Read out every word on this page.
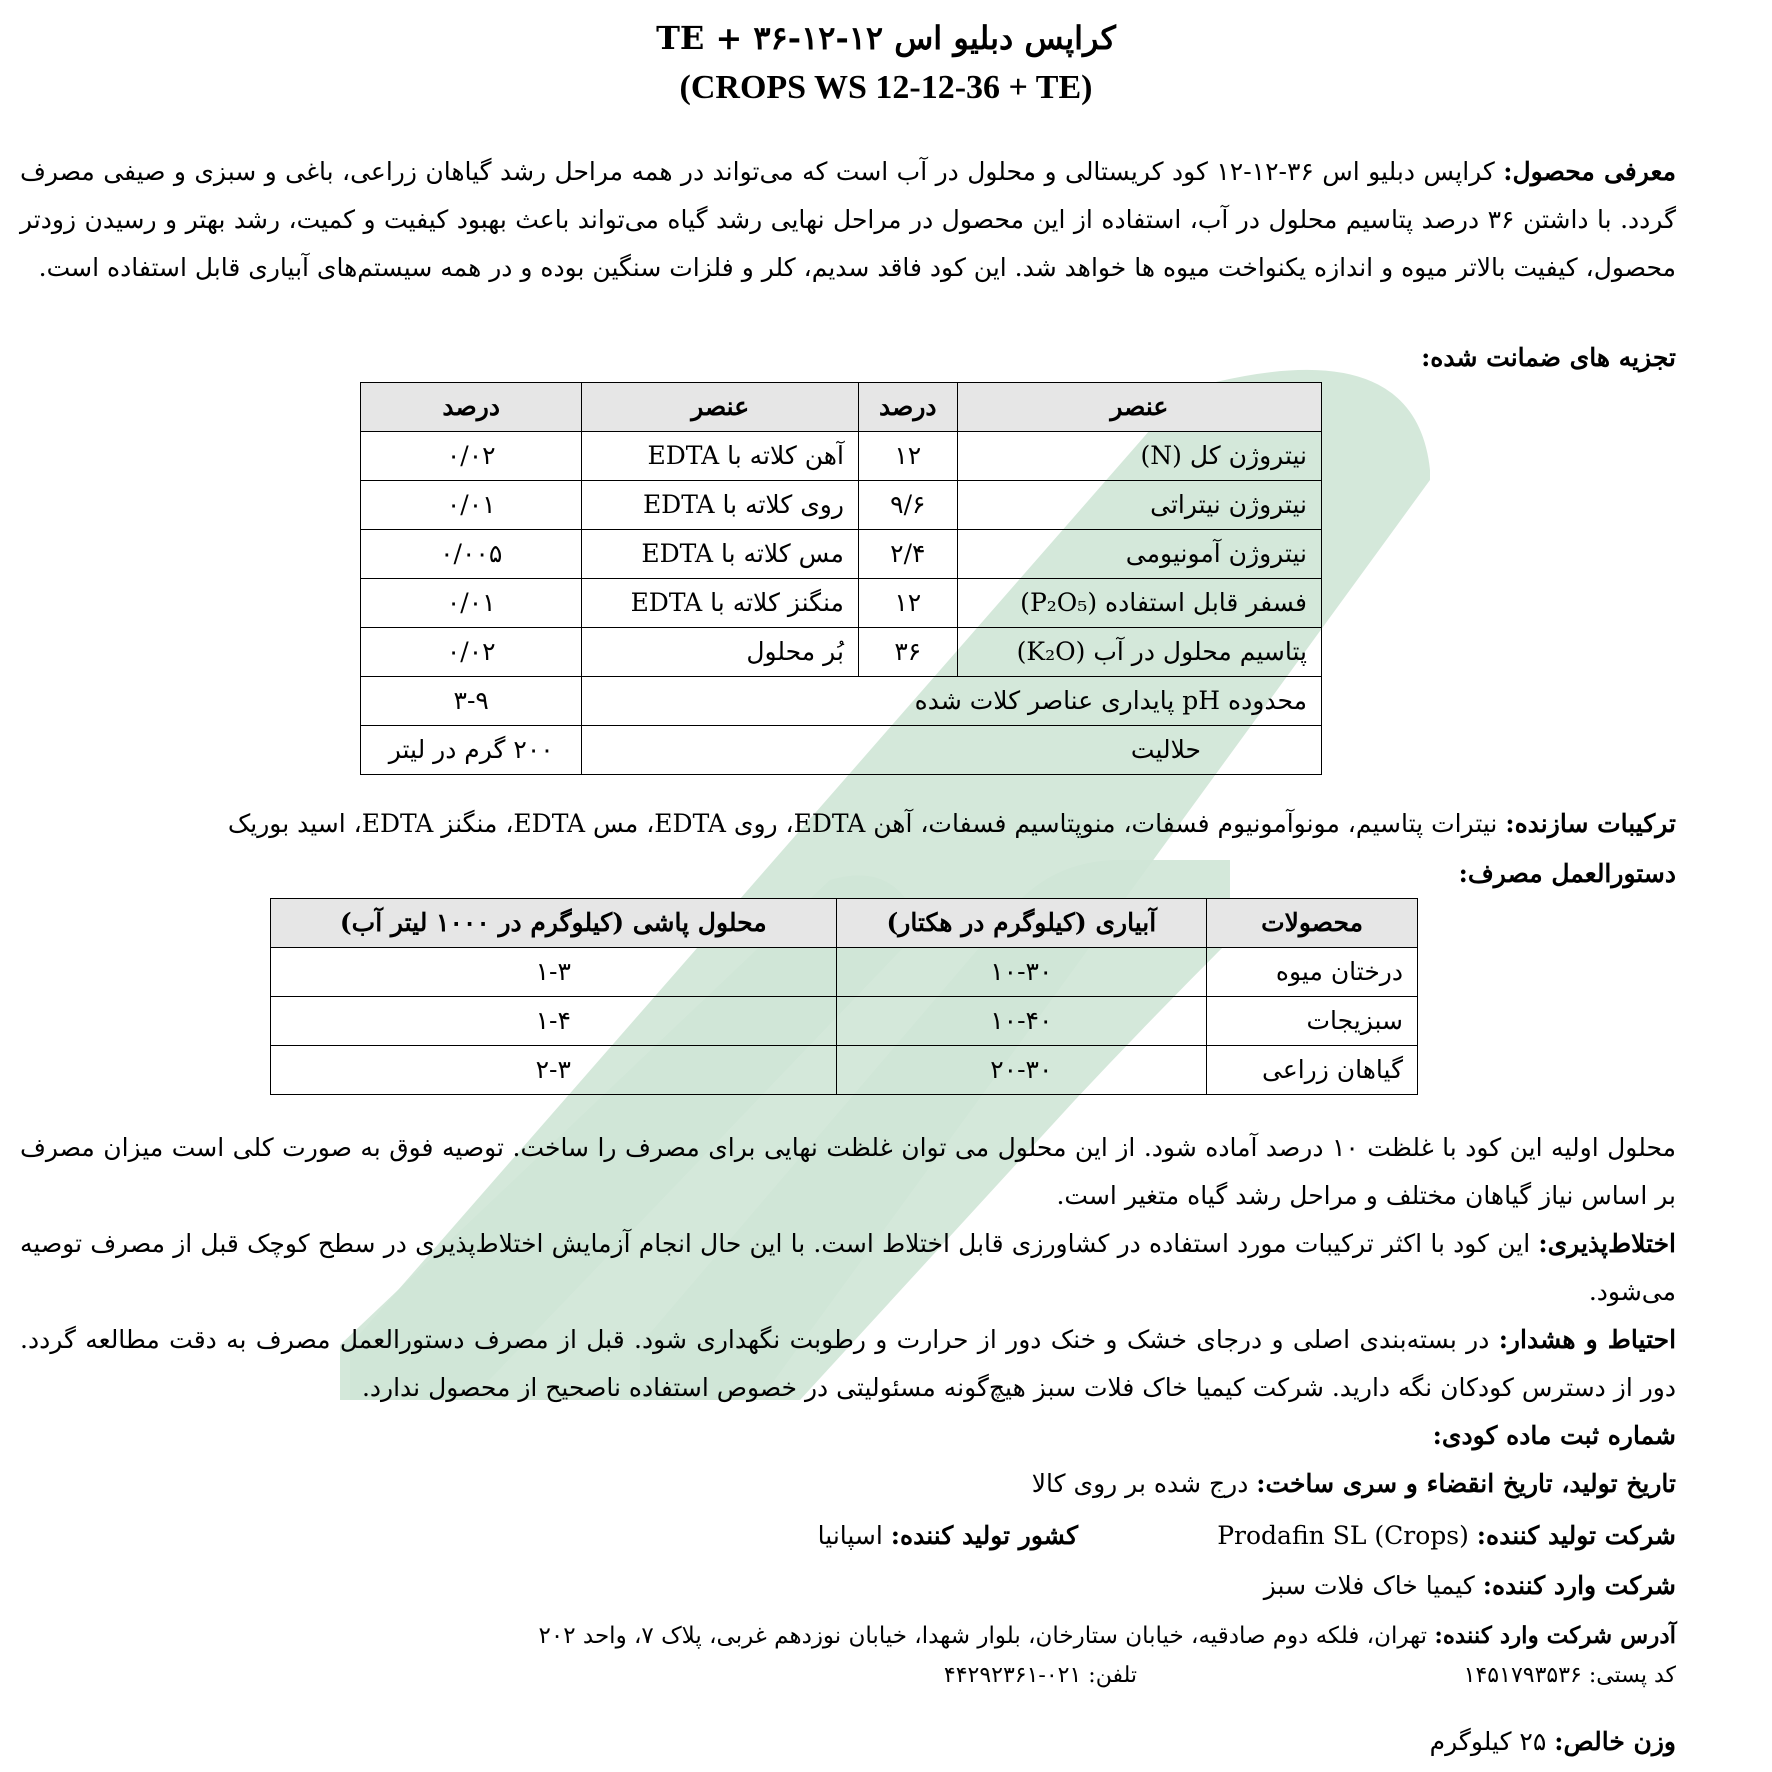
کراپس دبلیو اس TE + ۳۶-۱۲-۱۲
(CROPS WS 12-12-36 + TE)
معرفی محصول: کراپس دبلیو اس ۳۶-۱۲-۱۲ کود کریستالی و محلول در آب است که می‌تواند در همه مراحل رشد گیاهان زراعی، باغی و سبزی و صیفی مصرف گردد. با داشتن ۳۶ درصد پتاسیم محلول در آب، استفاده از این محصول در مراحل نهایی رشد گیاه می‌تواند باعث بهبود کیفیت و کمیت، رشد بهتر و رسیدن زودتر محصول، کیفیت بالاتر میوه و اندازه یکنواخت میوه ها خواهد شد. این کود فاقد سدیم، کلر و فلزات سنگین بوده و در همه سیستم‌های آبیاری قابل استفاده است.
تجزیه های ضمانت شده:
عنصر	درصد	عنصر	درصد
نیتروژن کل (N)	۱۲	آهن کلاته با EDTA	۰/۰۲
نیتروژن نیتراتی	۹/۶	روی کلاته با EDTA	۰/۰۱
نیتروژن آمونیومی	۲/۴	مس کلاته با EDTA	۰/۰۰۵
فسفر قابل استفاده (P₂O₅)	۱۲	منگنز کلاته با EDTA	۰/۰۱
پتاسیم محلول در آب (K₂O)	۳۶	بُر محلول	۰/۰۲
محدوده pH پایداری عناصر کلات شده			۳-۹
حلالیت			۲۰۰ گرم در لیتر
ترکیبات سازنده: نیترات پتاسیم، مونوآمونیوم فسفات، منوپتاسیم فسفات، آهن EDTA، روی EDTA، مس EDTA، منگنز EDTA، اسید بوریک
دستورالعمل مصرف:
محصولات	آبیاری (کیلوگرم در هکتار)	محلول پاشی (کیلوگرم در ۱۰۰۰ لیتر آب)
درختان میوه	۱۰-۳۰	۱-۳
سبزیجات	۱۰-۴۰	۱-۴
گیاهان زراعی	۲۰-۳۰	۲-۳
محلول اولیه این کود با غلظت ۱۰ درصد آماده شود. از این محلول می توان غلظت نهایی برای مصرف را ساخت. توصیه فوق به صورت کلی است میزان مصرف بر اساس نیاز گیاهان مختلف و مراحل رشد گیاه متغیر است.
اختلاط‌پذیری: این کود با اکثر ترکیبات مورد استفاده در کشاورزی قابل اختلاط است. با این حال انجام آزمایش اختلاط‌پذیری در سطح کوچک قبل از مصرف توصیه می‌شود.
احتیاط و هشدار: در بسته‌بندی اصلی و درجای خشک و خنک دور از حرارت و رطوبت نگهداری شود. قبل از مصرف دستورالعمل مصرف به دقت مطالعه گردد. دور از دسترس کودکان نگه دارید. شرکت کیمیا خاک فلات سبز هیچ‌گونه مسئولیتی در خصوص استفاده ناصحیح از محصول ندارد.
شماره ثبت ماده کودی:
تاریخ تولید، تاریخ انقضاء و سری ساخت: درج شده بر روی کالا
شرکت تولید کننده: Prodafin SL (Crops)
کشور تولید کننده: اسپانیا
شرکت وارد کننده: کیمیا خاک فلات سبز
آدرس شرکت وارد کننده: تهران، فلکه دوم صادقیه، خیابان ستارخان، بلوار شهدا، خیابان نوزدهم غربی، پلاک ۷، واحد ۲۰۲
کد پستی: ۱۴۵۱۷۹۳۵۳۶
تلفن: ۰۲۱-۴۴۲۹۲۳۶۱
وزن خالص: ۲۵ کیلوگرم
